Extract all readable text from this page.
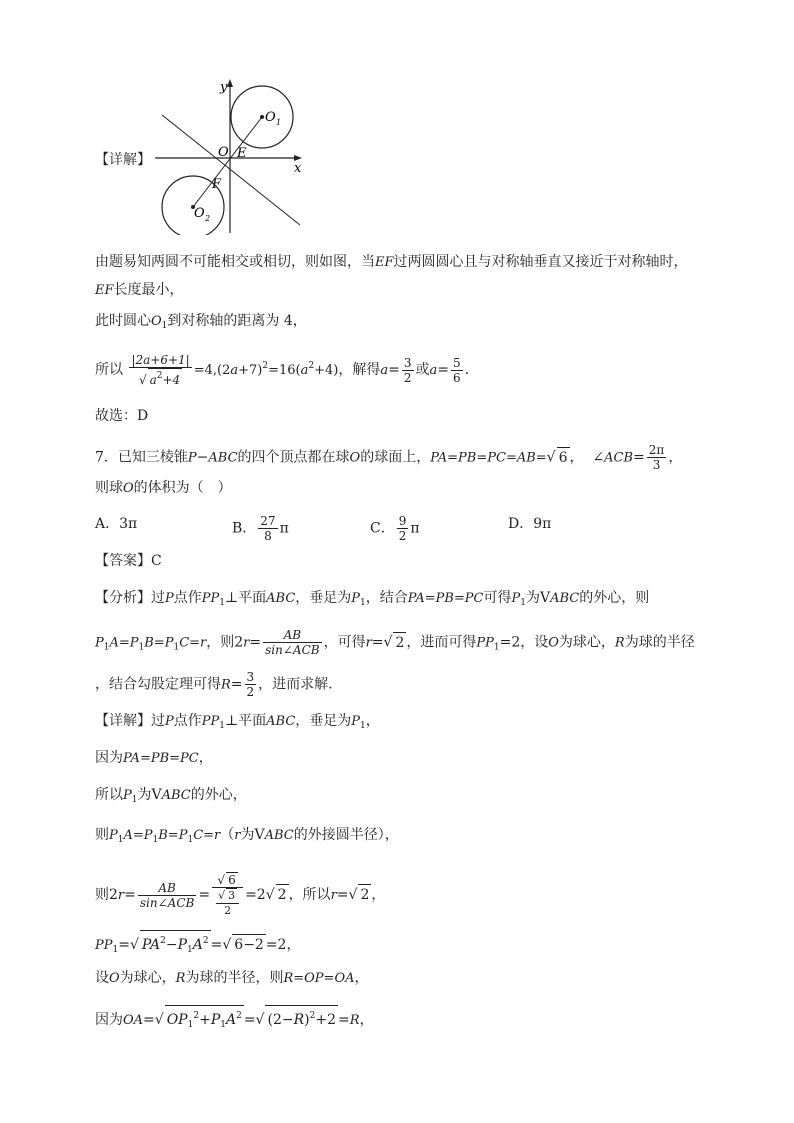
【详解】
y
x
O E
F
O 1
O 2
由题易知两圆不可能相交或相切，则如图，当EF过两圆圆心且与对称轴垂直又接近于对称轴时，
EF长度最小，
此时圆心$O_1$到对称轴的距离为 4，
所以 $\frac{|2a+6+1|}{√ a^2+4} =4,(2a+7)^2=16(a^2+4)$，解得$a= \frac{3}{2}$ 或$a= \frac{5}{6}$ .
故选：D
7．已知三棱锥P−ABC的四个顶点都在球O的球面上，PA=PB=PC=AB=√ 6 ，  ∠ACB= $\frac{2\pi}{3}$ ，
则球O的体积为（　）
A．3π	B． $\frac{27}{8}$ π	C． $\frac{9}{2}$ π	D．9π
【答案】C
【分析】过P点作$PP_1\perp$平面ABC，垂足为$P_1$，结合PA=PB=PC可得$P_1$为VABC的外心，则
$P_1A=P_1B=P_1C=r$，则$2r= \frac{AB}{\text{sin∠ACB}}$ ，可得r=√ 2 ，进而可得$PP_1=2$，设O为球心，R为球的半径
，结合勾股定理可得$R= \frac{3}{2}$ ，进而求解.
【详解】过P点作$PP_1\perp$平面ABC，垂足为$P_1$，
因为PA=PB=PC，
所以$P_1$为VABC的外心，
则$P_1A=P_1B=P_1C=r(r$为VABC的外接圆半径），
则$2r= \frac{AB}{\text{sin∠ACB}} = \frac{√ 6}{\frac{√ 3}{2}} =2√$ 2 ，所以r=√ 2 ，
$PP_1=√$ $PA^2-P_1A^2$ =√ 6−2 =2，
设O为球心，R为球的半径，则R=OP=OA，
因为OA=√ $OP_1^2+P_1A^2$ =√ $(2-R)^2+2 =R$，
